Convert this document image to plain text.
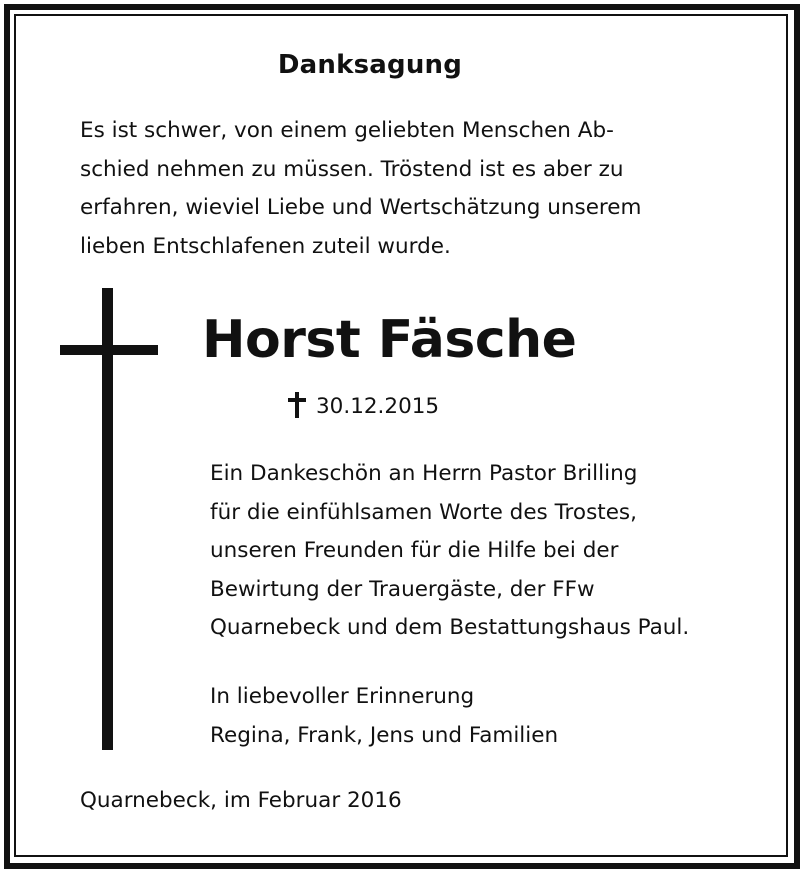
Danksagung
Es ist schwer, von einem geliebten Menschen Ab-
schied nehmen zu müssen. Tröstend ist es aber zu
erfahren, wieviel Liebe und Wertschätzung unserem
lieben Entschlafenen zuteil wurde.
Horst Fäsche
30.12.2015
Ein Dankeschön an Herrn Pastor Brilling
für die einfühlsamen Worte des Trostes,
unseren Freunden für die Hilfe bei der
Bewirtung der Trauergäste, der FFw
Quarnebeck und dem Bestattungshaus Paul.
In liebevoller Erinnerung
Regina, Frank, Jens und Familien
Quarnebeck, im Februar 2016
